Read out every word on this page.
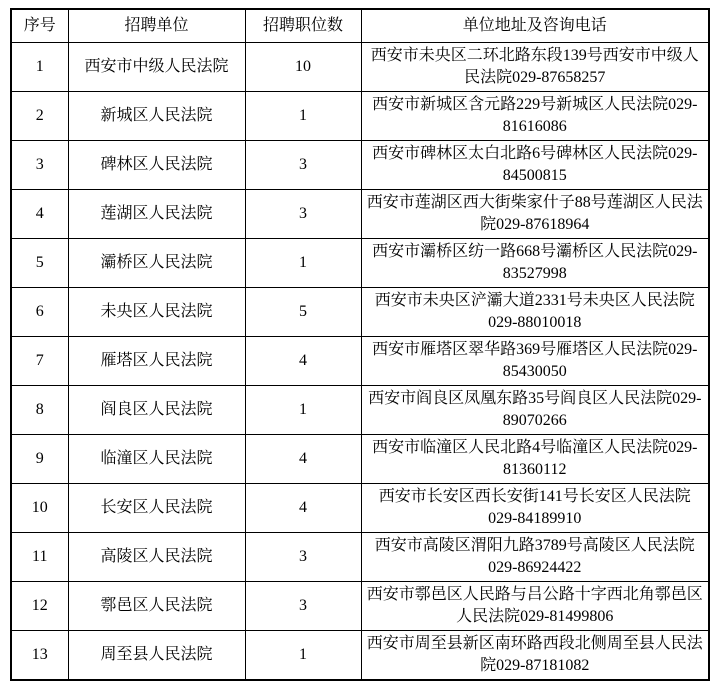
序号	招聘单位	招聘职位数	单位地址及咨询电话
1	西安市中级人民法院	10	西安市未央区二环北路东段139号西安市中级人民法院029-87658257
2	新城区人民法院	1	西安市新城区含元路229号新城区人民法院029-81616086
3	碑林区人民法院	3	西安市碑林区太白北路6号碑林区人民法院029-84500815
4	莲湖区人民法院	3	西安市莲湖区西大街柴家什子88号莲湖区人民法院029-87618964
5	灞桥区人民法院	1	西安市灞桥区纺一路668号灞桥区人民法院029-83527998
6	未央区人民法院	5	西安市未央区浐灞大道2331号未央区人民法院029-88010018
7	雁塔区人民法院	4	西安市雁塔区翠华路369号雁塔区人民法院029-85430050
8	阎良区人民法院	1	西安市阎良区凤凰东路35号阎良区人民法院029-89070266
9	临潼区人民法院	4	西安市临潼区人民北路4号临潼区人民法院029-81360112
10	长安区人民法院	4	西安市长安区西长安街141号长安区人民法院029-84189910
11	高陵区人民法院	3	西安市高陵区渭阳九路3789号高陵区人民法院029-86924422
12	鄠邑区人民法院	3	西安市鄠邑区人民路与吕公路十字西北角鄠邑区人民法院029-81499806
13	周至县人民法院	1	西安市周至县新区南环路西段北侧周至县人民法院029-87181082
